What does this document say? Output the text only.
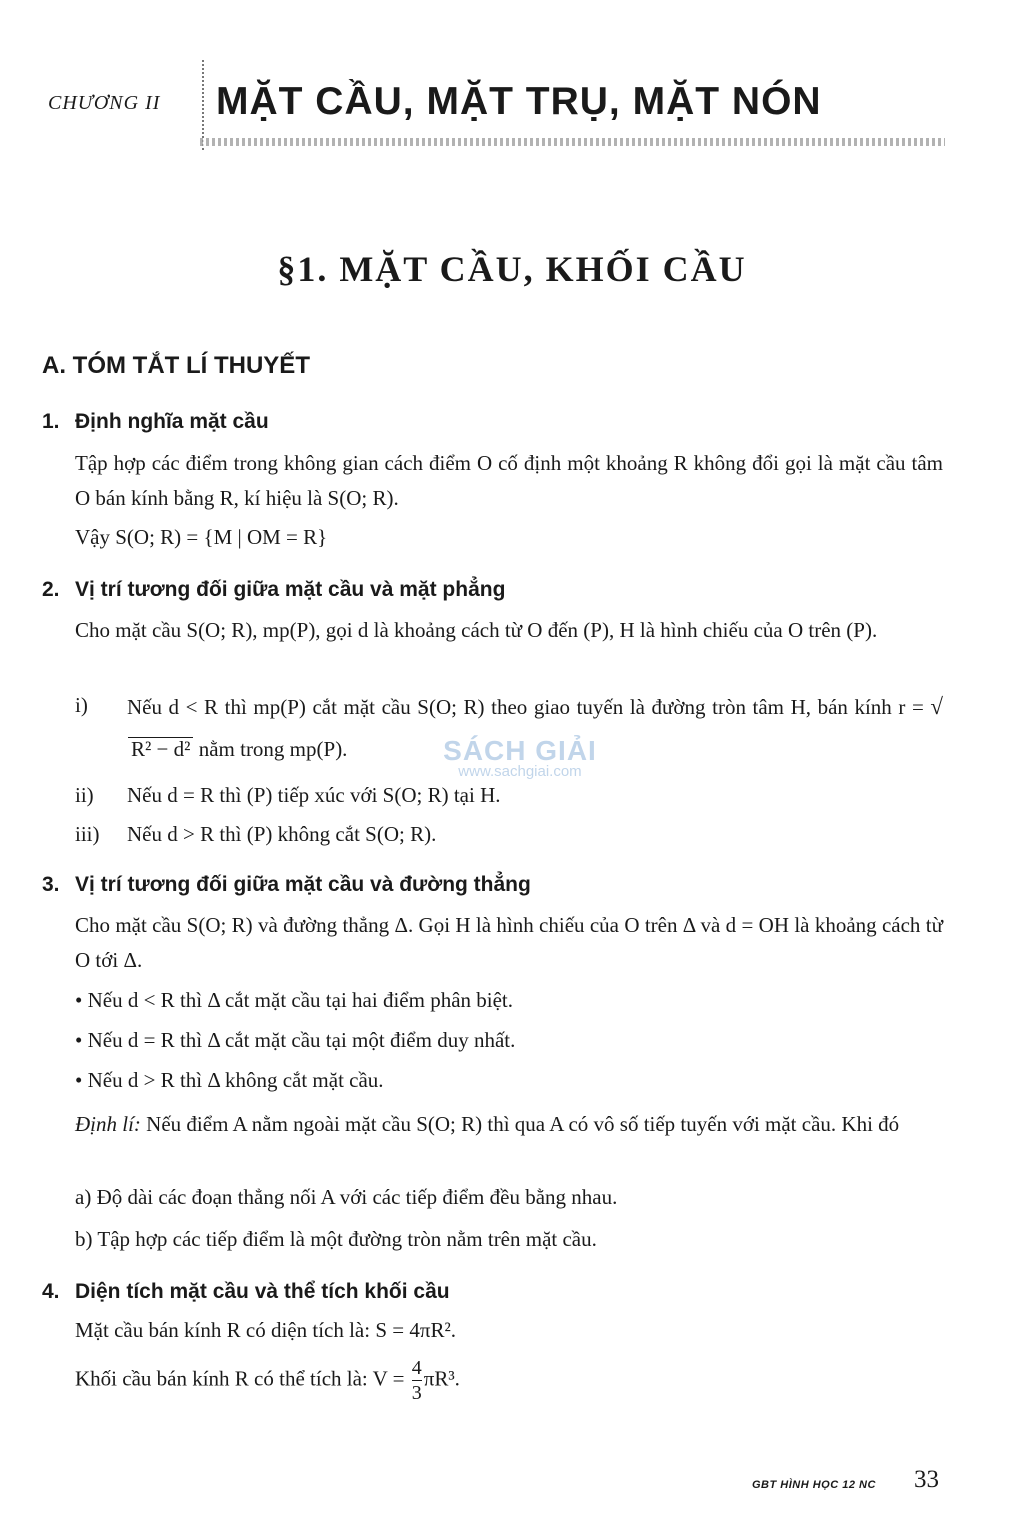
CHƯƠNG II MẶT CẦU, MẶT TRỤ, MẶT NÓN
§1. MẶT CẦU, KHỐI CẦU
A. TÓM TẮT LÍ THUYẾT
1. Định nghĩa mặt cầu
Tập hợp các điểm trong không gian cách điểm O cố định một khoảng R không đổi gọi là mặt cầu tâm O bán kính bằng R, kí hiệu là S(O; R).
Vậy S(O; R) = {M | OM = R}
2. Vị trí tương đối giữa mặt cầu và mặt phẳng
Cho mặt cầu S(O; R), mp(P), gọi d là khoảng cách từ O đến (P), H là hình chiếu của O trên (P).
i) Nếu d < R thì mp(P) cắt mặt cầu S(O; R) theo giao tuyến là đường tròn tâm H, bán kính r = √R² − d² nằm trong mp(P).
ii) Nếu d = R thì (P) tiếp xúc với S(O; R) tại H.
iii) Nếu d > R thì (P) không cắt S(O; R).
SÁCH GIẢI
www.sachgiai.com
3. Vị trí tương đối giữa mặt cầu và đường thẳng
Cho mặt cầu S(O; R) và đường thẳng Δ. Gọi H là hình chiếu của O trên Δ và d = OH là khoảng cách từ O tới Δ.
• Nếu d < R thì Δ cắt mặt cầu tại hai điểm phân biệt.
• Nếu d = R thì Δ cắt mặt cầu tại một điểm duy nhất.
• Nếu d > R thì Δ không cắt mặt cầu.
Định lí: Nếu điểm A nằm ngoài mặt cầu S(O; R) thì qua A có vô số tiếp tuyến với mặt cầu. Khi đó
a) Độ dài các đoạn thẳng nối A với các tiếp điểm đều bằng nhau.
b) Tập hợp các tiếp điểm là một đường tròn nằm trên mặt cầu.
4. Diện tích mặt cầu và thể tích khối cầu
Mặt cầu bán kính R có diện tích là: S = 4πR².
Khối cầu bán kính R có thể tích là: $V = \frac{4}{3} \pi R^3$.
GBT HÌNH HỌC 12 NC 33
